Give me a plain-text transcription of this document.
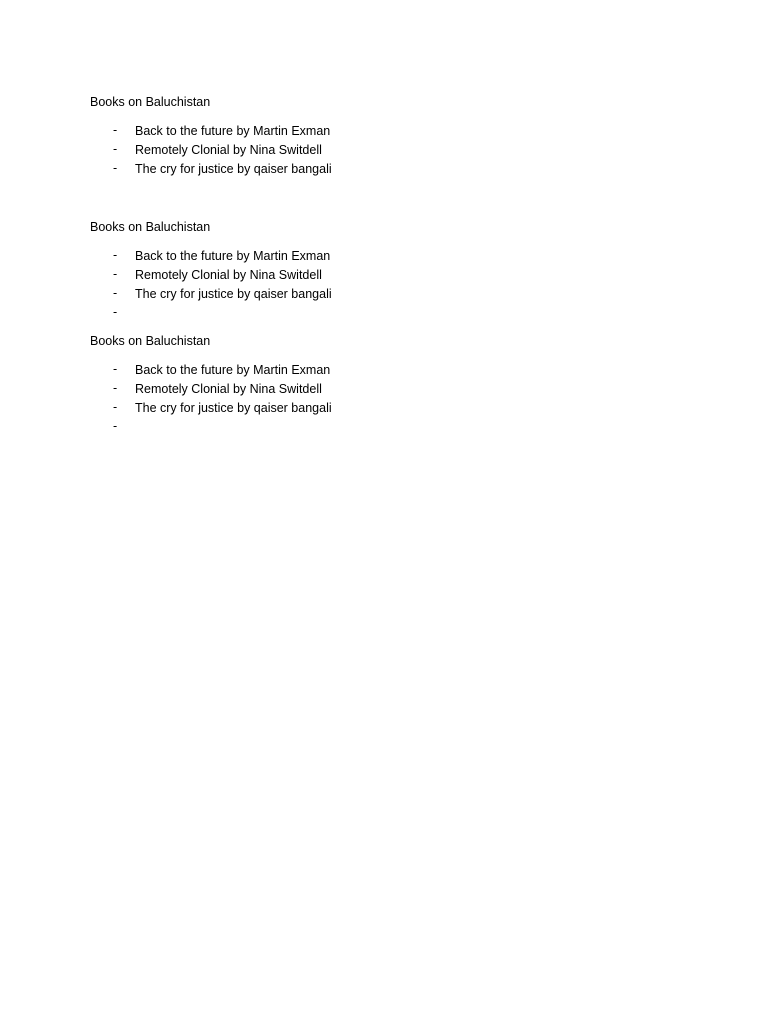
Books on Baluchistan
- Back to the future by Martin Exman
- Remotely Clonial by Nina Switdell
- The cry for justice by qaiser bangali
Books on Baluchistan
- Back to the future by Martin Exman
- Remotely Clonial by Nina Switdell
- The cry for justice by qaiser bangali
-
Books on Baluchistan
- Back to the future by Martin Exman
- Remotely Clonial by Nina Switdell
- The cry for justice by qaiser bangali
-
